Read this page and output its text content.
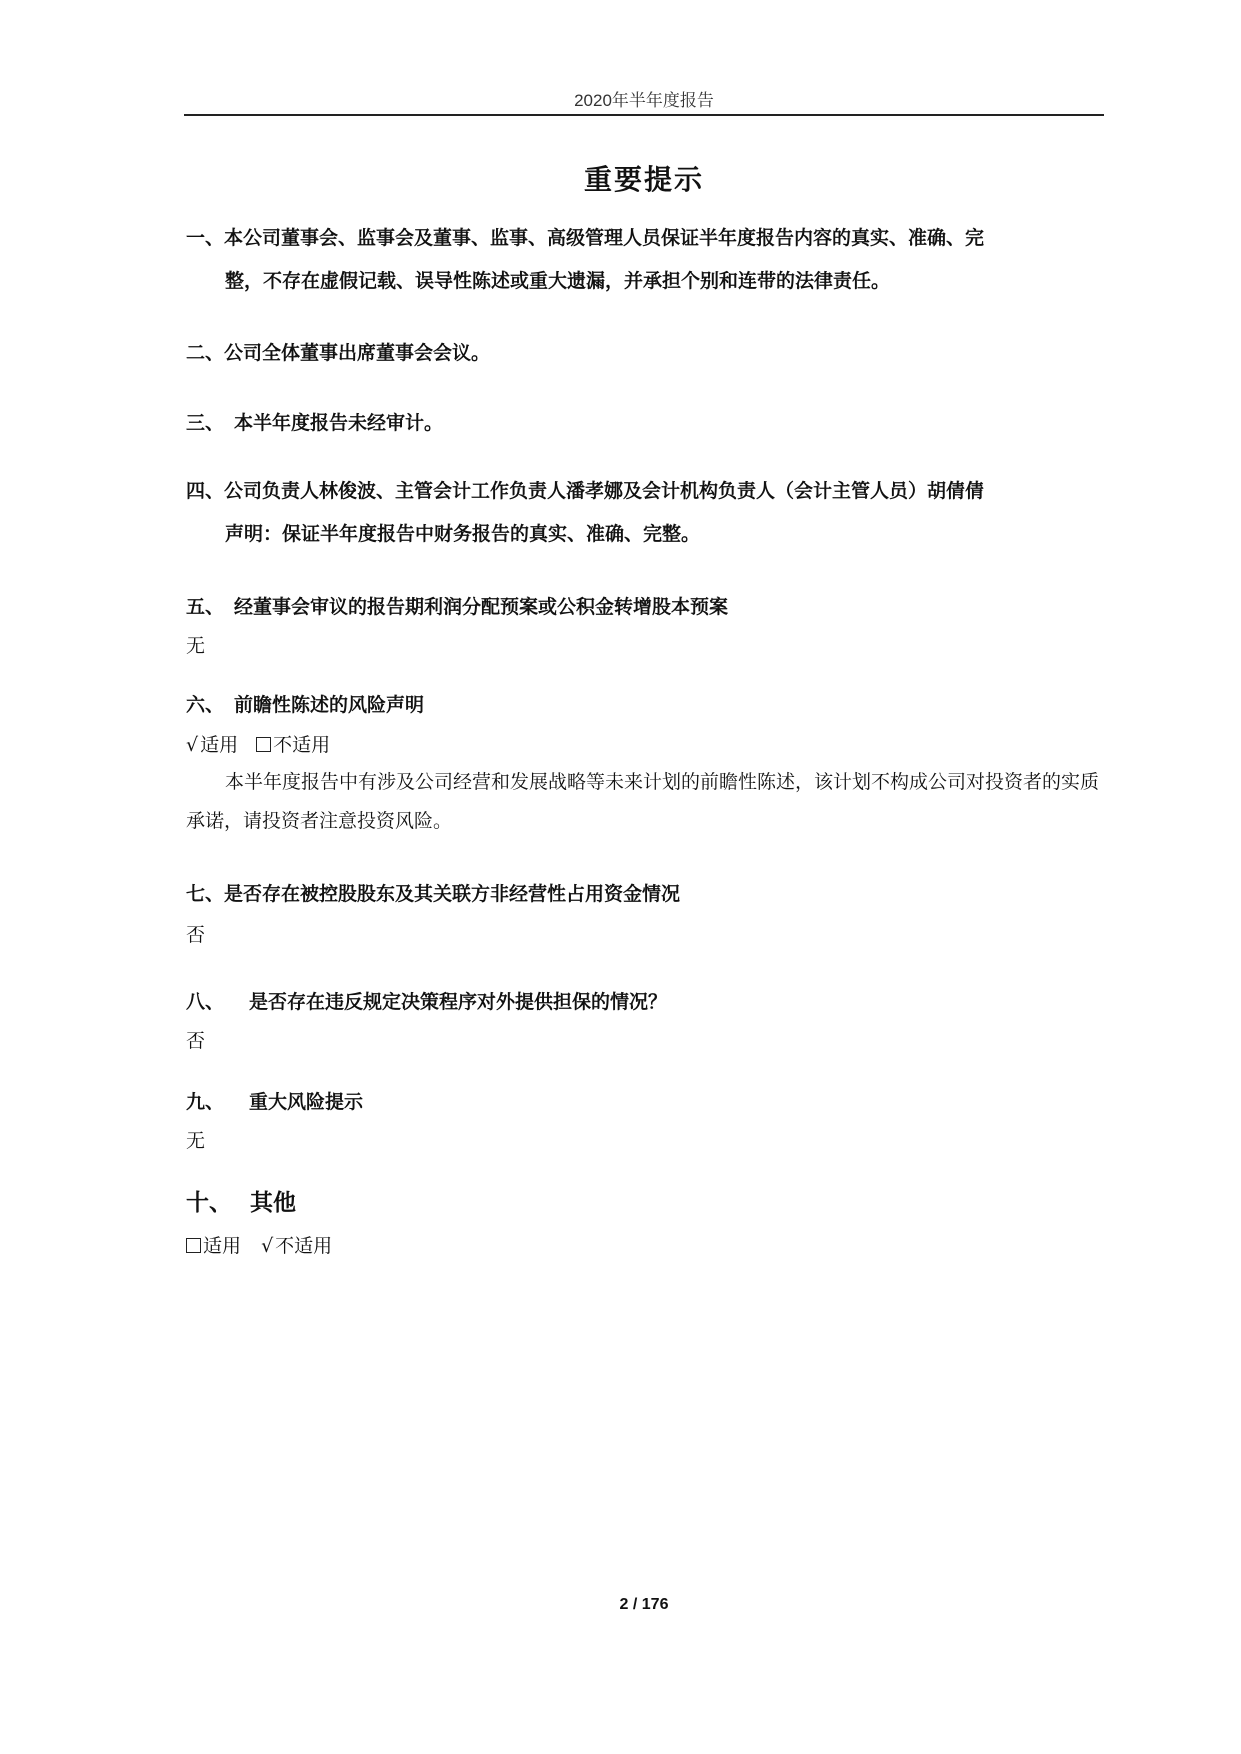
2020年半年度报告
重要提示
一、本公司董事会、监事会及董事、监事、高级管理人员保证半年度报告内容的真实、准确、完
整，不存在虚假记载、误导性陈述或重大遗漏，并承担个别和连带的法律责任。
二、公司全体董事出席董事会会议。
三、 本半年度报告未经审计。
四、公司负责人林俊波、主管会计工作负责人潘孝娜及会计机构负责人（会计主管人员）胡倩倩
声明：保证半年度报告中财务报告的真实、准确、完整。
五、 经董事会审议的报告期利润分配预案或公积金转增股本预案
无
六、 前瞻性陈述的风险声明
√ 适用 不适用
本半年度报告中有涉及公司经营和发展战略等未来计划的前瞻性陈述，该计划不构成公司对投资者的实质承诺，请投资者注意投资风险。
七、是否存在被控股股东及其关联方非经营性占用资金情况
否
八、 是否存在违反规定决策程序对外提供担保的情况？
否
九、 重大风险提示
无
十、 其他
适用 √ 不适用
2 / 176
